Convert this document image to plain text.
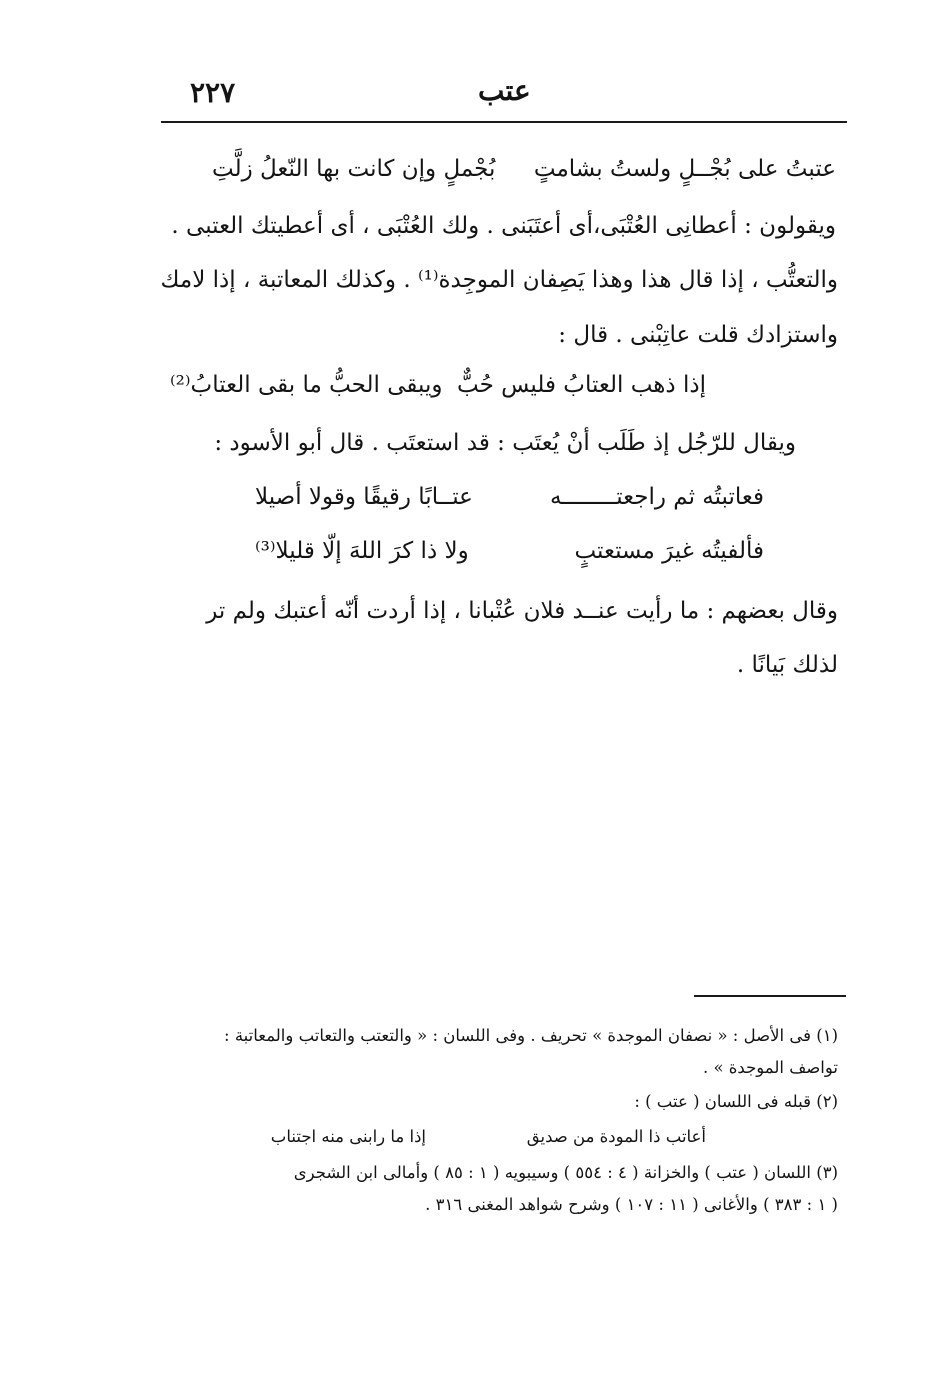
٢٢٧	عتب
عتبتُ على بُجْــلٍ ولستُ بشامتٍ
بُجْملٍ وإن كانت بها النّعلُ زلَّتِ
ويقولون : أعطانِى العُتْبَى،أى أعتَبَنى . ولك العُتْبَى ، أى أعطيتك العتبى .
والتعتُّب ، إذا قال هذا وهذا يَصِفان الموجِدة⁽¹⁾ . وكذلك المعاتبة ، إذا لامك
واستزادك قلت عاتِبْنى . قال :
إذا ذهب العتابُ فليس حُبٌّ
ويبقى الحبُّ ما بقى العتابُ⁽²⁾
ويقال للرّجُل إذ طَلَب أنْ يُعتَب : قد استعتَب . قال أبو الأسود :
فعاتبتُه ثم راجعتــــــــه
عتــابًا رقيقًا وقولا أصيلا
فألفيتُه غيرَ مستعتبٍ
ولا ذا كرَ اللهَ إلّا قليلا⁽³⁾
وقال بعضهم : ما رأيت عنــد فلان عُتْبانا ، إذا أردت أنّه أعتبك ولم تر
لذلك بَيانًا .
(١) فى الأصل : « نصفان الموجدة » تحريف . وفى اللسان : « والتعتب والتعاتب والمعاتبة :
تواصف الموجدة » .
(٢) قبله فى اللسان ( عتب ) :
أعاتب ذا المودة من صديق
إذا ما رابنى منه اجتناب
(٣) اللسان ( عتب ) والخزانة ( ٤ : ٥٥٤ ) وسيبويه ( ١ : ٨٥ ) وأمالى ابن الشجرى
( ١ : ٣٨٣ ) والأغانى ( ١١ : ١٠٧ ) وشرح شواهد المغنى ٣١٦ .
